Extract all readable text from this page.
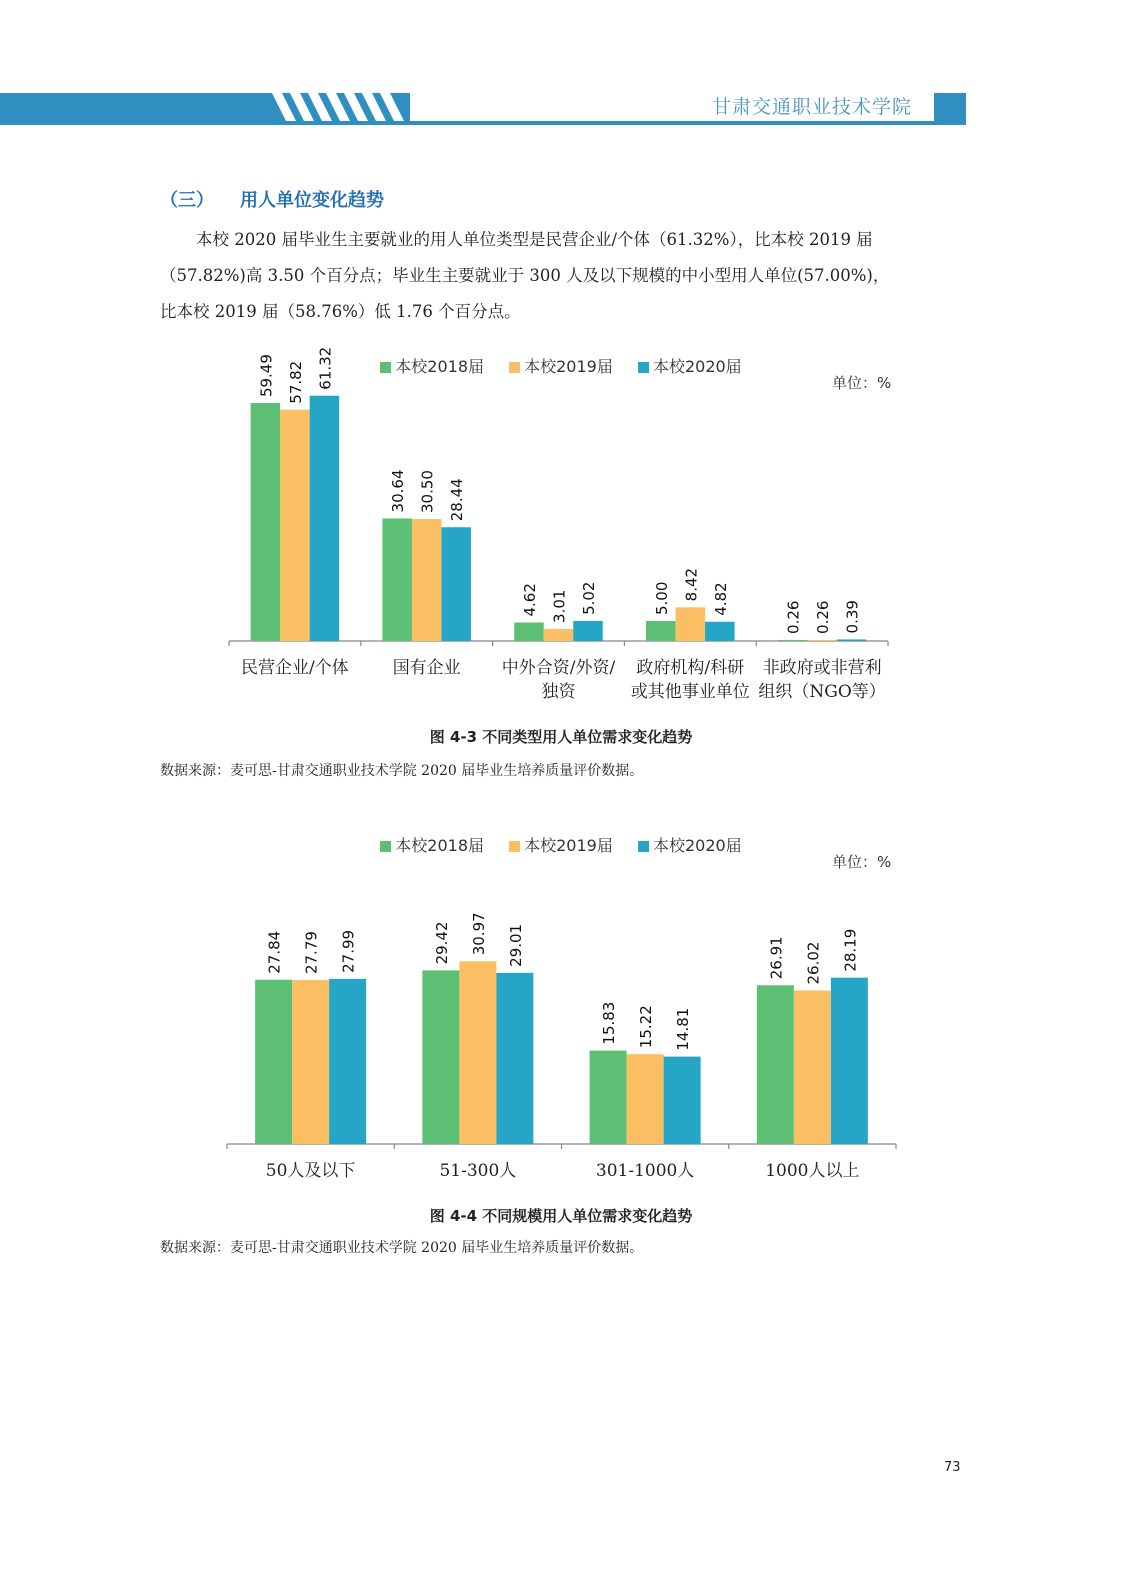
甘肃交通职业技术学院
（三） 用人单位变化趋势

本校 2020 届毕业生主要就业的用人单位类型是民营企业/个体（61.32%），比本校 2019 届

（57.82%)高 3.50 个百分点；毕业生主要就业于 300 人及以下规模的中小型用人单位(57.00%)，

比本校 2019 届（58.76%）低 1.76 个百分点。

本校2018届	本校2019届	本校2020届
单位：%
59.49 57.82 61.32
民营企业/个体
30.64 30.50 28.44
国有企业
4.62 3.01 5.02
中外合资/外资/
独资
5.00 8.42 4.82
政府机构/科研
或其他事业单位
0.26 0.26 0.39
非政府或非营利
组织（NGO等）
图 4-3 不同类型用人单位需求变化趋势
数据来源：麦可思-甘肃交通职业技术学院 2020 届毕业生培养质量评价数据。
本校2018届	本校2019届	本校2020届
单位：%
27.84 27.79 27.99
50人及以下
29.42 30.97 29.01
51-300人
15.83 15.22 14.81
301-1000人
26.91 26.02 28.19
1000人以上
图 4-4 不同规模用人单位需求变化趋势
数据来源：麦可思-甘肃交通职业技术学院 2020 届毕业生培养质量评价数据。
73
